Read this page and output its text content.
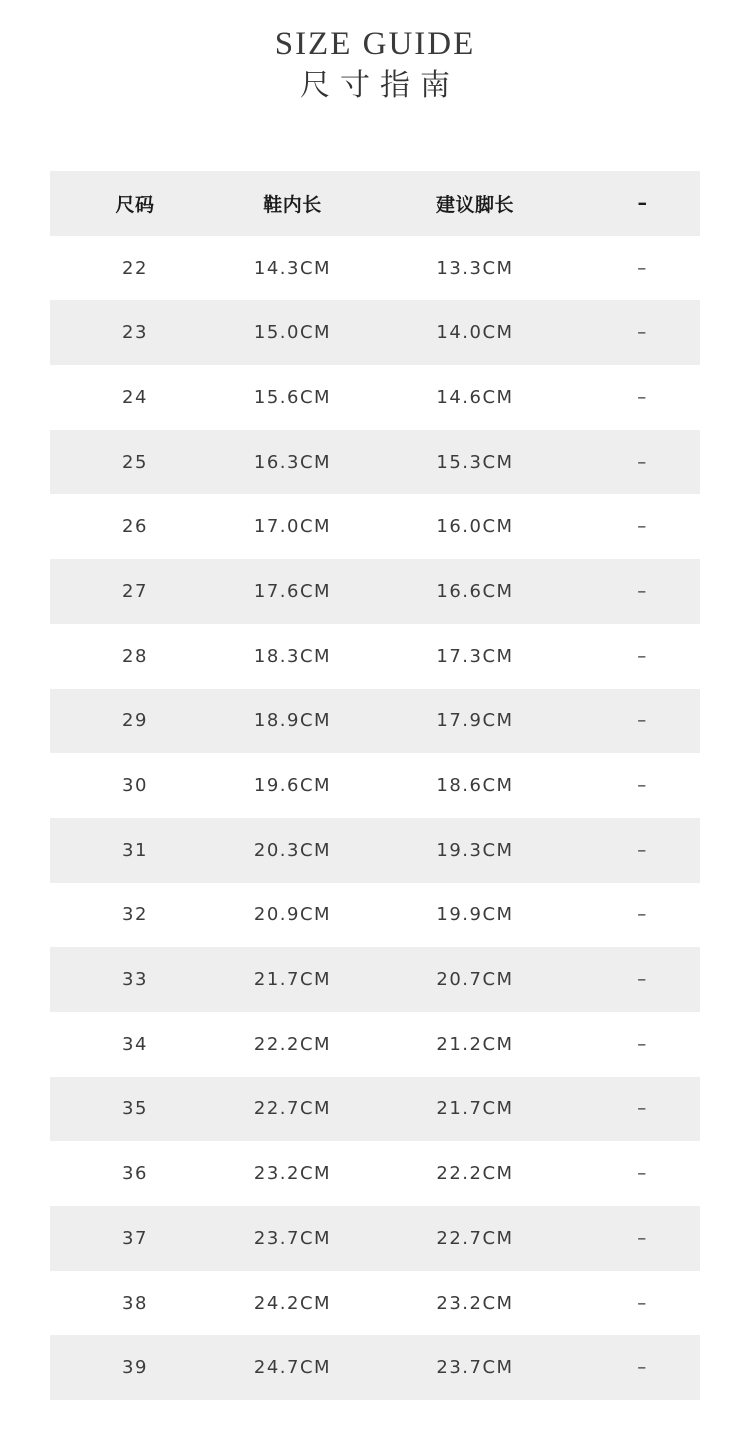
SIZE GUIDE
尺寸指南
尺码	鞋内长	建议脚长	–
22	14.3CM	13.3CM	–
23	15.0CM	14.0CM	–
24	15.6CM	14.6CM	–
25	16.3CM	15.3CM	–
26	17.0CM	16.0CM	–
27	17.6CM	16.6CM	–
28	18.3CM	17.3CM	–
29	18.9CM	17.9CM	–
30	19.6CM	18.6CM	–
31	20.3CM	19.3CM	–
32	20.9CM	19.9CM	–
33	21.7CM	20.7CM	–
34	22.2CM	21.2CM	–
35	22.7CM	21.7CM	–
36	23.2CM	22.2CM	–
37	23.7CM	22.7CM	–
38	24.2CM	23.2CM	–
39	24.7CM	23.7CM	–
